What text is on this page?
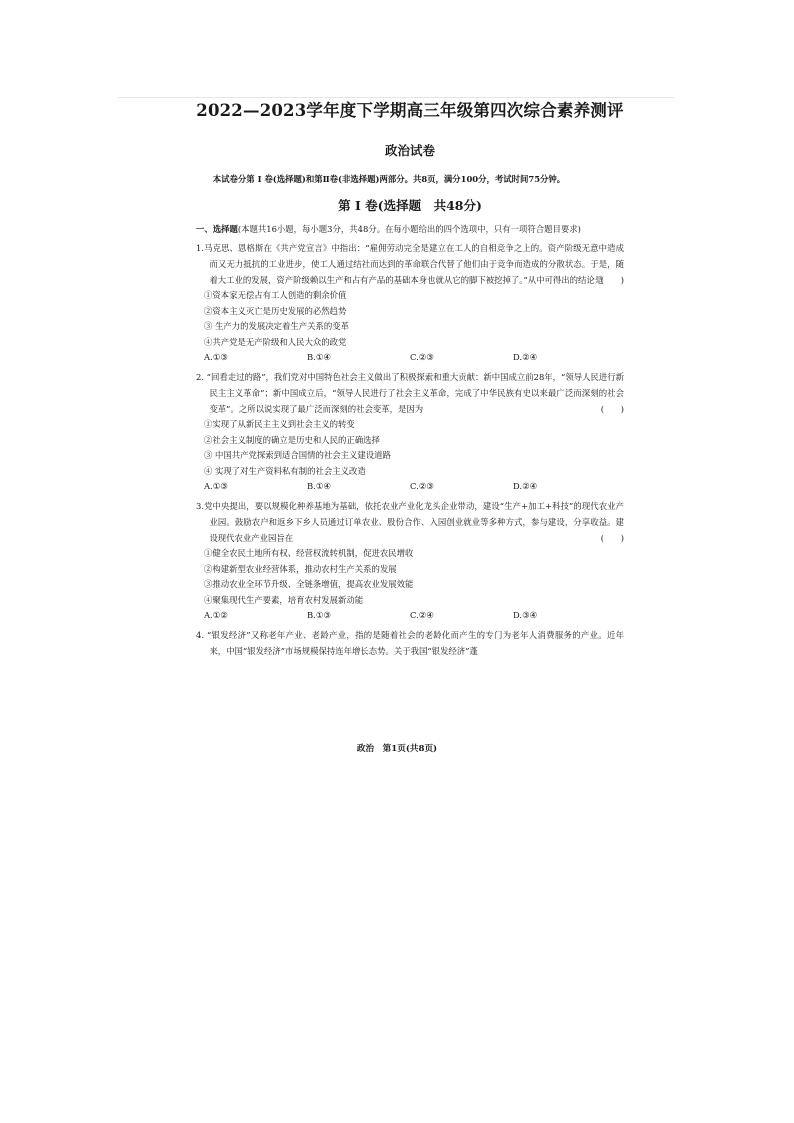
2022—2023学年度下学期高三年级第四次综合素养测评
政治试卷
本试卷分第 Ⅰ 卷(选择题)和第Ⅱ卷(非选择题)两部分。共8页，满分100分，考试时间75分钟。
第 Ⅰ 卷(选择题　共48分)
一、选择题(本题共16小题，每小题3分，共48分。在每小题给出的四个选项中，只有一项符合题目要求)
1.马克思、恩格斯在《共产党宣言》中指出：“雇佣劳动完全是建立在工人的自相竞争之上的。资产阶级无意中造成而又无力抵抗的工业进步，使工人通过结社而达到的革命联合代替了他们由于竞争而造成的分散状态。于是，随着大工业的发展，资产阶级赖以生产和占有产品的基础本身也就从它的脚下被挖掉了。”从中可得出的结论是
(　　)
①资本家无偿占有工人创造的剩余价值
②资本主义灭亡是历史发展的必然趋势
③ 生产力的发展决定着生产关系的变革
④共产党是无产阶级和人民大众的政党
A.①③	B.①④	C.②③	D.②④
2. “回看走过的路”，我们党对中国特色社会主义做出了积极探索和重大贡献：新中国成立前28年，“领导人民进行新民主主义革命”；新中国成立后，“领导人民进行了社会主义革命，完成了中华民族有史以来最广泛而深刻的社会变革”。之所以说实现了最广泛而深刻的社会变革，是因为	(　　)
①实现了从新民主主义到社会主义的转变
②社会主义制度的确立是历史和人民的正确选择
③ 中国共产党探索到适合国情的社会主义建设道路
④ 实现了对生产资料私有制的社会主义改造
A.①③	B.①④	C.②③	D.②④
3.党中央提出，要以规模化种养基地为基础，依托农业产业化龙头企业带动，建设“生产+加工+科技”的现代农业产业园。鼓励农户和返乡下乡人员通过订单农业、股份合作、入园创业就业等多种方式，参与建设，分享收益。建设现代农业产业园旨在	(　　)
①健全农民土地所有权、经营权流转机制，促进农民增收
②构建新型农业经营体系，推动农村生产关系的发展
③推动农业全环节升级、全链条增值，提高农业发展效能
④聚集现代生产要素，培育农村发展新动能
A.①②	B.①③	C.②④	D.③④
4. “银发经济”又称老年产业、老龄产业，指的是随着社会的老龄化而产生的专门为老年人消费服务的产业。近年来，中国“银发经济”市场规模保持连年增长态势。关于我国“银发经济”蓬
政治　第1页(共8页)
